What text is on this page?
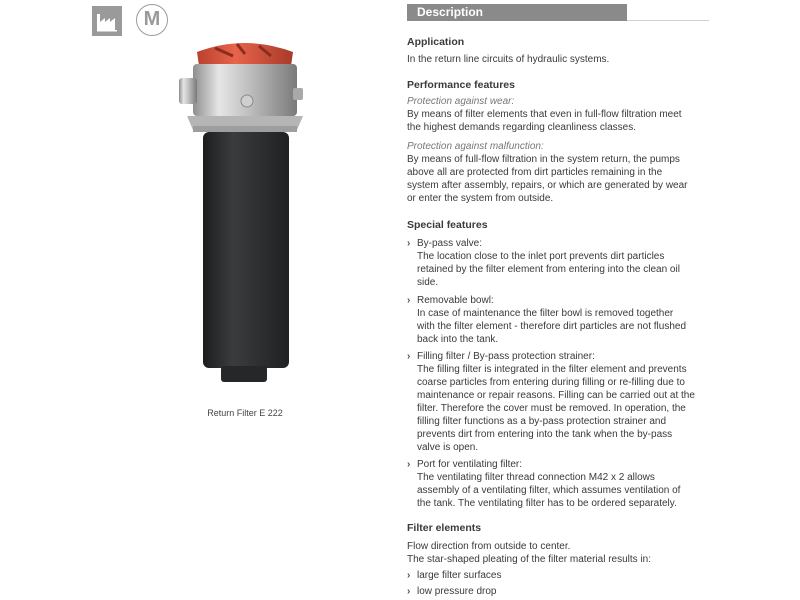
M
Return Filter E 222
Description
Application
In the return line circuits of hydraulic systems.
Performance features
Protection against wear:
By means of filter elements that even in full-flow filtration meet
the highest demands regarding cleanliness classes.
Protection against malfunction:
By means of full-flow filtration in the system return, the pumps
above all are protected from dirt particles remaining in the
system after assembly, repairs, or which are generated by wear
or enter the system from outside.
Special features
› By-pass valve:
The location close to the inlet port prevents dirt particles
retained by the filter element from entering into the clean oil
side.
› Removable bowl:
In case of maintenance the filter bowl is removed together
with the filter element - therefore dirt particles are not flushed
back into the tank.
› Filling filter / By-pass protection strainer:
The filling filter is integrated in the filter element and prevents
coarse particles from entering during filling or re-filling due to
maintenance or repair reasons. Filling can be carried out at the
filter. Therefore the cover must be removed. In operation, the
filling filter functions as a by-pass protection strainer and
prevents dirt from entering into the tank when the by-pass
valve is open.
› Port for ventilating filter:
The ventilating filter thread connection M42 x 2 allows
assembly of a ventilating filter, which assumes ventilation of
the tank. The ventilating filter has to be ordered separately.
Filter elements
Flow direction from outside to center.
The star-shaped pleating of the filter material results in:
› large filter surfaces
› low pressure drop
